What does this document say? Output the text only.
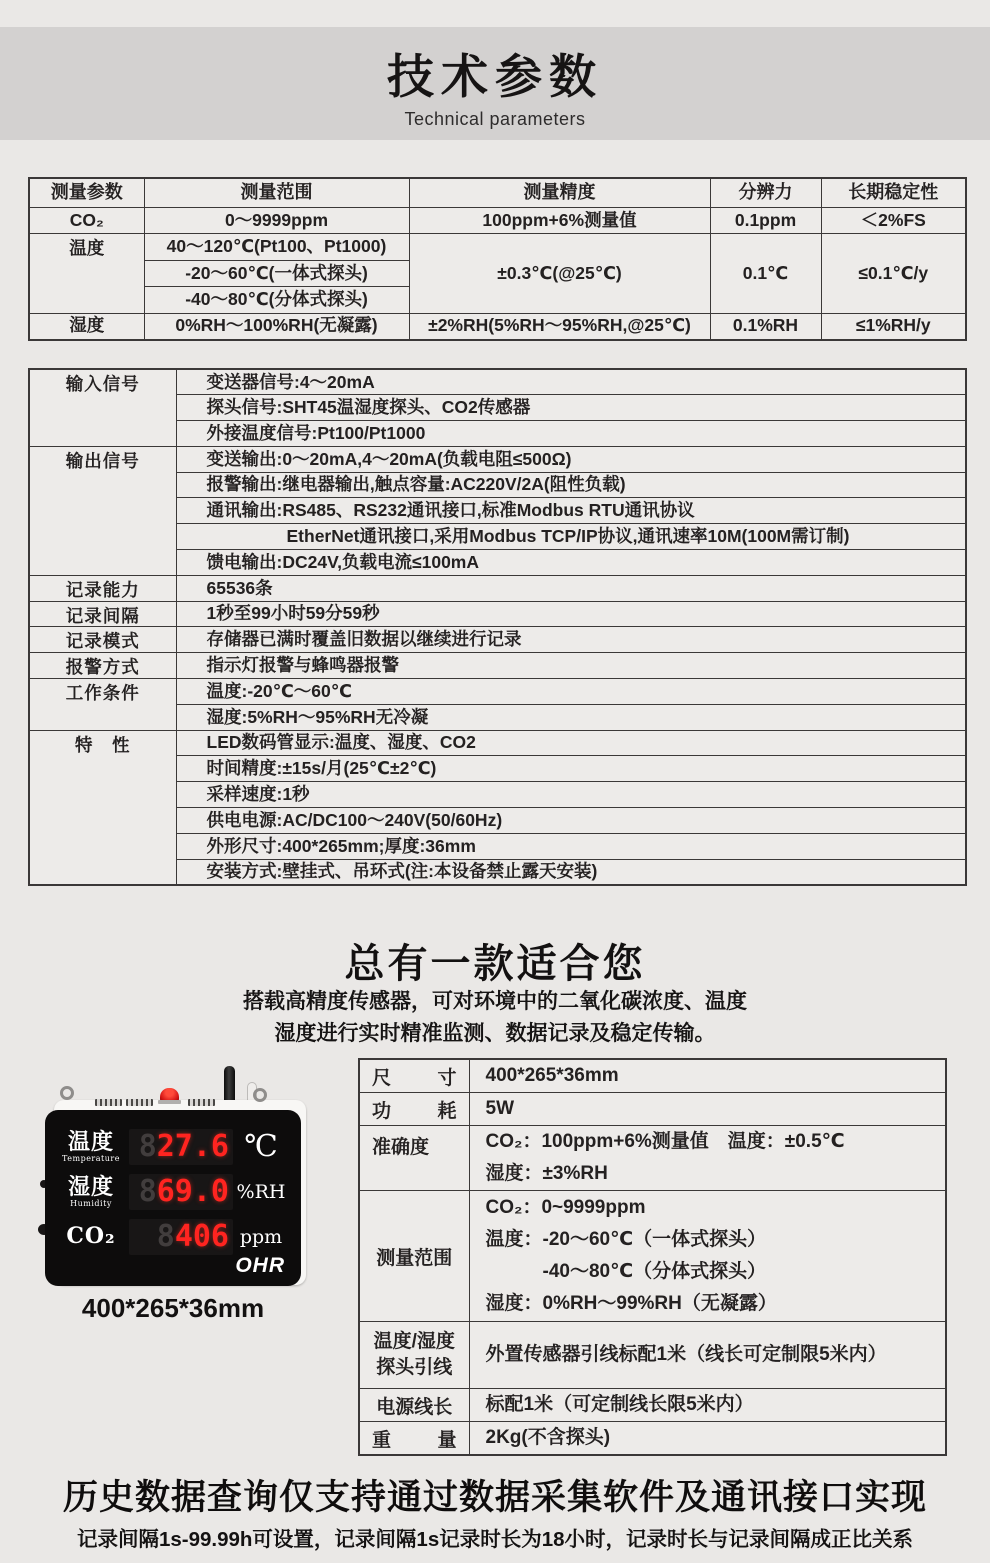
技术参数
Technical parameters
测量参数	测量范围	测量精度	分辨力	长期稳定性
CO₂	0～9999ppm	100ppm+6%测量值	0.1ppm	＜2%FS
温度	40～120℃(Pt100、Pt1000)	±0.3℃(@25℃)	0.1℃	≤0.1℃/y
	-20～60℃(一体式探头)			
	-40～80℃(分体式探头)			
湿度	0%RH～100%RH(无凝露)	±2%RH(5%RH～95%RH,@25℃)	0.1%RH	≤1%RH/y
输入信号	变送器信号:4～20mA
	探头信号:SHT45温湿度探头、CO2传感器
	外接温度信号:Pt100/Pt1000
输出信号	变送输出:0～20mA,4～20mA(负载电阻≤500Ω)
	报警输出:继电器输出,触点容量:AC220V/2A(阻性负载)
	通讯输出:RS485、RS232通讯接口,标准Modbus RTU通讯协议
	EtherNet通讯接口,采用Modbus TCP/IP协议,通讯速率10M(100M需订制)
	馈电输出:DC24V,负载电流≤100mA
记录能力	65536条
记录间隔	1秒至99小时59分59秒
记录模式	存储器已满时覆盖旧数据以继续进行记录
报警方式	指示灯报警与蜂鸣器报警
工作条件	温度:-20℃～60℃
	湿度:5%RH～95%RH无冷凝
特　性	LED数码管显示:温度、湿度、CO2
	时间精度:±15s/月(25℃±2℃)
	采样速度:1秒
	供电电源:AC/DC100～240V(50/60Hz)
	外形尺寸:400*265mm;厚度:36mm
	安装方式:壁挂式、吊环式(注:本设备禁止露天安装)
总有一款适合您
搭载高精度传感器，可对环境中的二氧化碳浓度、温度
湿度进行实时精准监测、数据记录及稳定传输。
温度
Temperature 827.6 ℃
湿度
Humidity 869.0 %RH
CO₂	8406 ppm
OHR
400*265*36mm
尺寸	400*265*36mm
功耗	5W
准确度	CO₂：100ppm+6%测量值　温度：±0.5℃
湿度：±3%RH

测量范围	CO₂：0~9999ppm
温度：-20～60℃（一体式探头）
　　　-40～80℃（分体式探头）
湿度：0%RH～99%RH（无凝露）

温度/湿度
探头引线	外置传感器引线标配1米（线长可定制限5米内）
电源线长	标配1米（可定制线长限5米内）
重量	2Kg(不含探头)
历史数据查询仅支持通过数据采集软件及通讯接口实现
记录间隔1s-99.99h可设置，记录间隔1s记录时长为18小时，记录时长与记录间隔成正比关系
